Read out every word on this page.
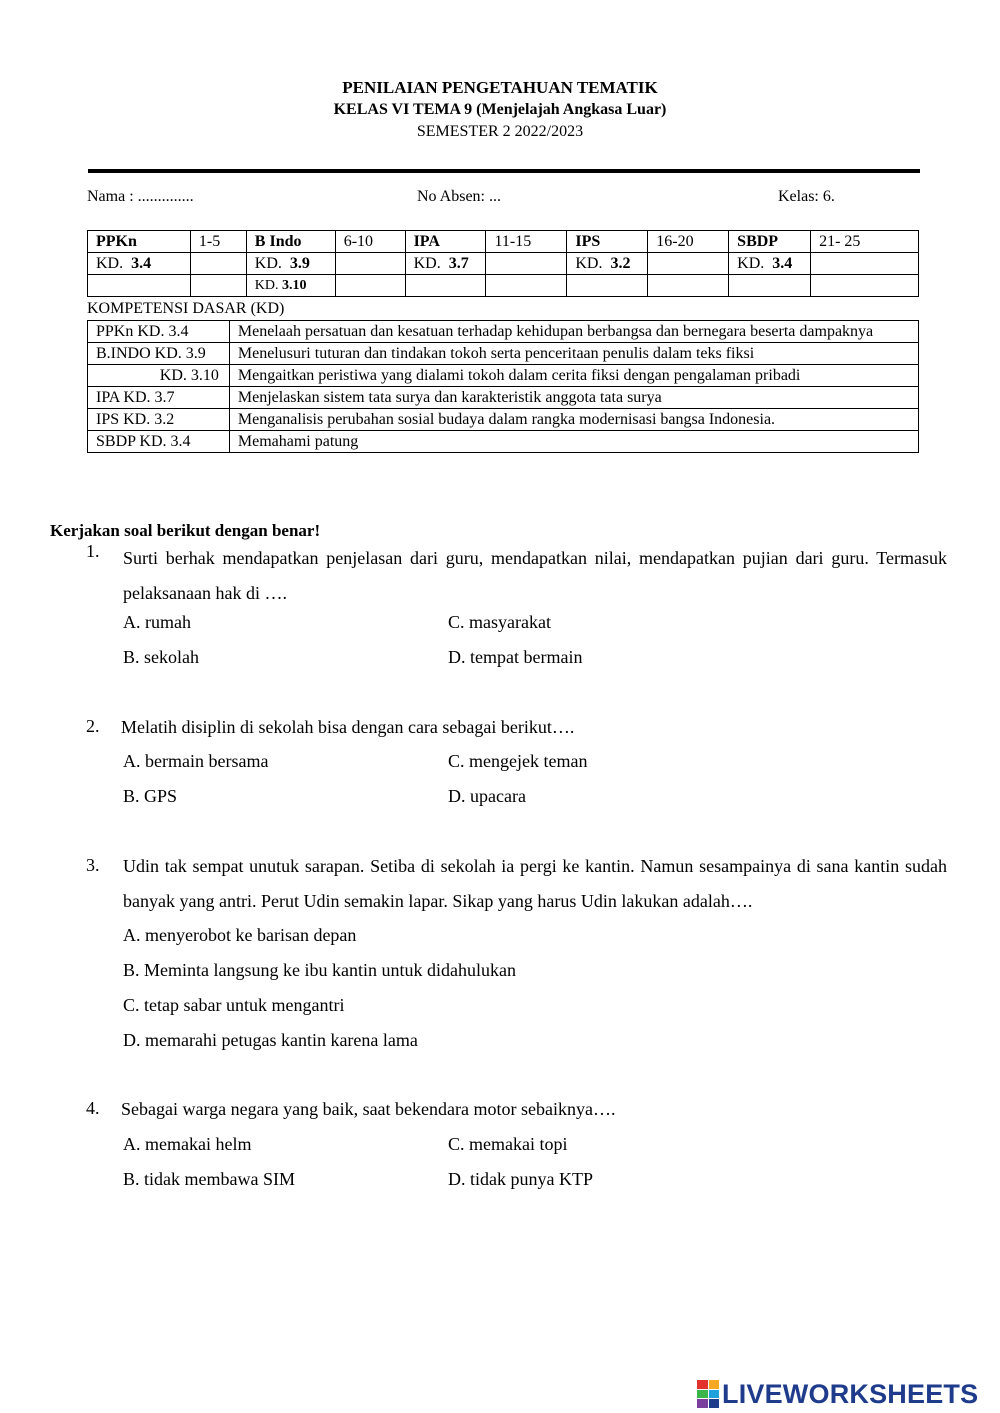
PENILAIAN PENGETAHUAN TEMATIK
KELAS VI TEMA 9 (Menjelajah Angkasa Luar)
SEMESTER 2 2022/2023
Nama : ..............	No Absen: ...	Kelas: 6.
PPKn	1-5	B Indo	6-10	IPA	11-15	IPS	16-20	SBDP	21- 25
KD. 3.4		KD. 3.9		KD. 3.7		KD. 3.2		KD. 3.4	
		KD. 3.10							
KOMPETENSI DASAR (KD)
PPKn KD. 3.4	Menelaah persatuan dan kesatuan terhadap kehidupan berbangsa dan bernegara beserta dampaknya
B.INDO KD. 3.9	Menelusuri tuturan dan tindakan tokoh serta penceritaan penulis dalam teks fiksi
KD. 3.10	Mengaitkan peristiwa yang dialami tokoh dalam cerita fiksi dengan pengalaman pribadi
IPA KD. 3.7	Menjelaskan sistem tata surya dan karakteristik anggota tata surya
IPS KD. 3.2	Menganalisis perubahan sosial budaya dalam rangka modernisasi bangsa Indonesia.
SBDP KD. 3.4	Memahami patung
Kerjakan soal berikut dengan benar!
1. Surti berhak mendapatkan penjelasan dari guru, mendapatkan nilai, mendapatkan pujian dari guru. Termasuk pelaksanaan hak di ….
A. rumah	C. masyarakat
B. sekolah	D. tempat bermain
2. Melatih disiplin di sekolah bisa dengan cara sebagai berikut….
A. bermain bersama	C. mengejek teman
B. GPS	D. upacara
3. Udin tak sempat unutuk sarapan. Setiba di sekolah ia pergi ke kantin. Namun sesampainya di sana kantin sudah banyak yang antri. Perut Udin semakin lapar. Sikap yang harus Udin lakukan adalah….
A. menyerobot ke barisan depan
B. Meminta langsung ke ibu kantin untuk didahulukan
C. tetap sabar untuk mengantri
D. memarahi petugas kantin karena lama
4. Sebagai warga negara yang baik, saat bekendara motor sebaiknya….
A. memakai helm	C. memakai topi
B. tidak membawa SIM	D. tidak punya KTP
LIVEWORKSHEETS
